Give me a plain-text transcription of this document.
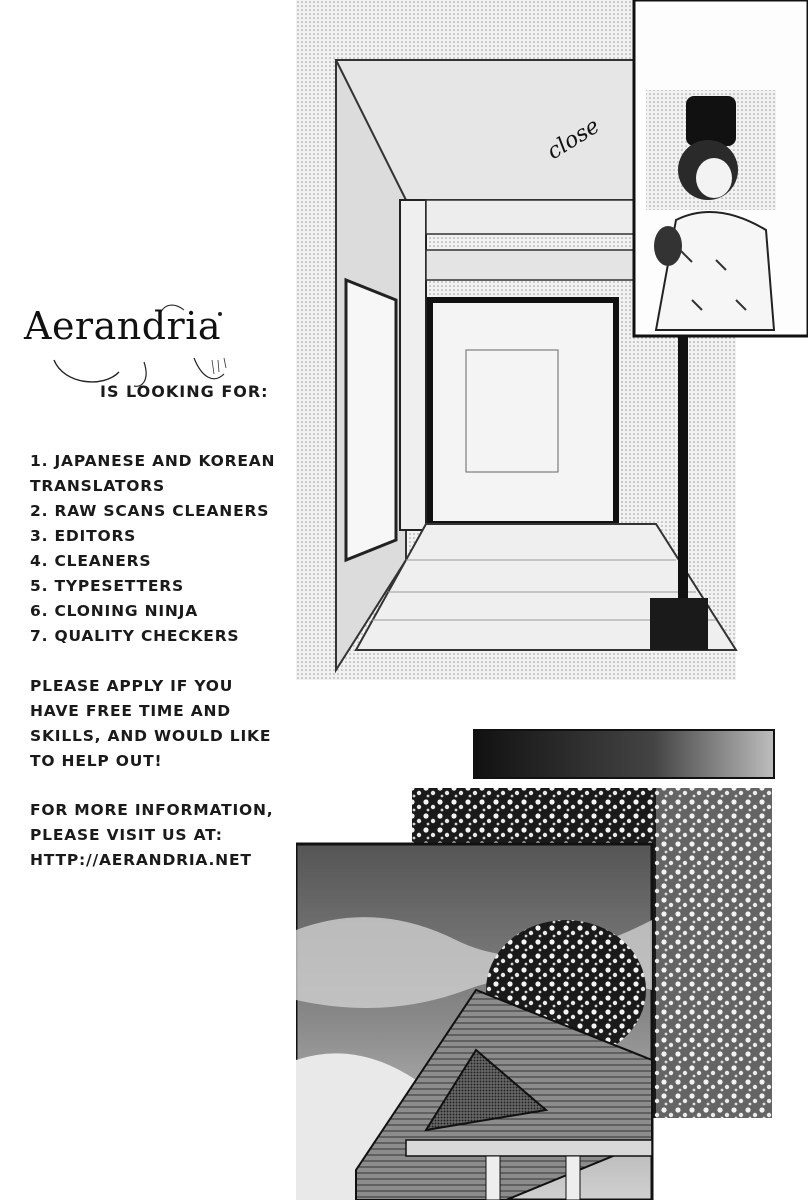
Aerandria
IS LOOKING FOR:
1. JAPANESE AND KOREAN
TRANSLATORS
2. RAW SCANS CLEANERS
3. EDITORS
4. CLEANERS
5. TYPESETTERS
6. CLONING NINJA
7. QUALITY CHECKERS
PLEASE APPLY IF YOU
HAVE FREE TIME AND
SKILLS, AND WOULD LIKE
TO HELP OUT!
FOR MORE INFORMATION,
PLEASE VISIT US AT:
HTTP://AERANDRIA.NET
close
